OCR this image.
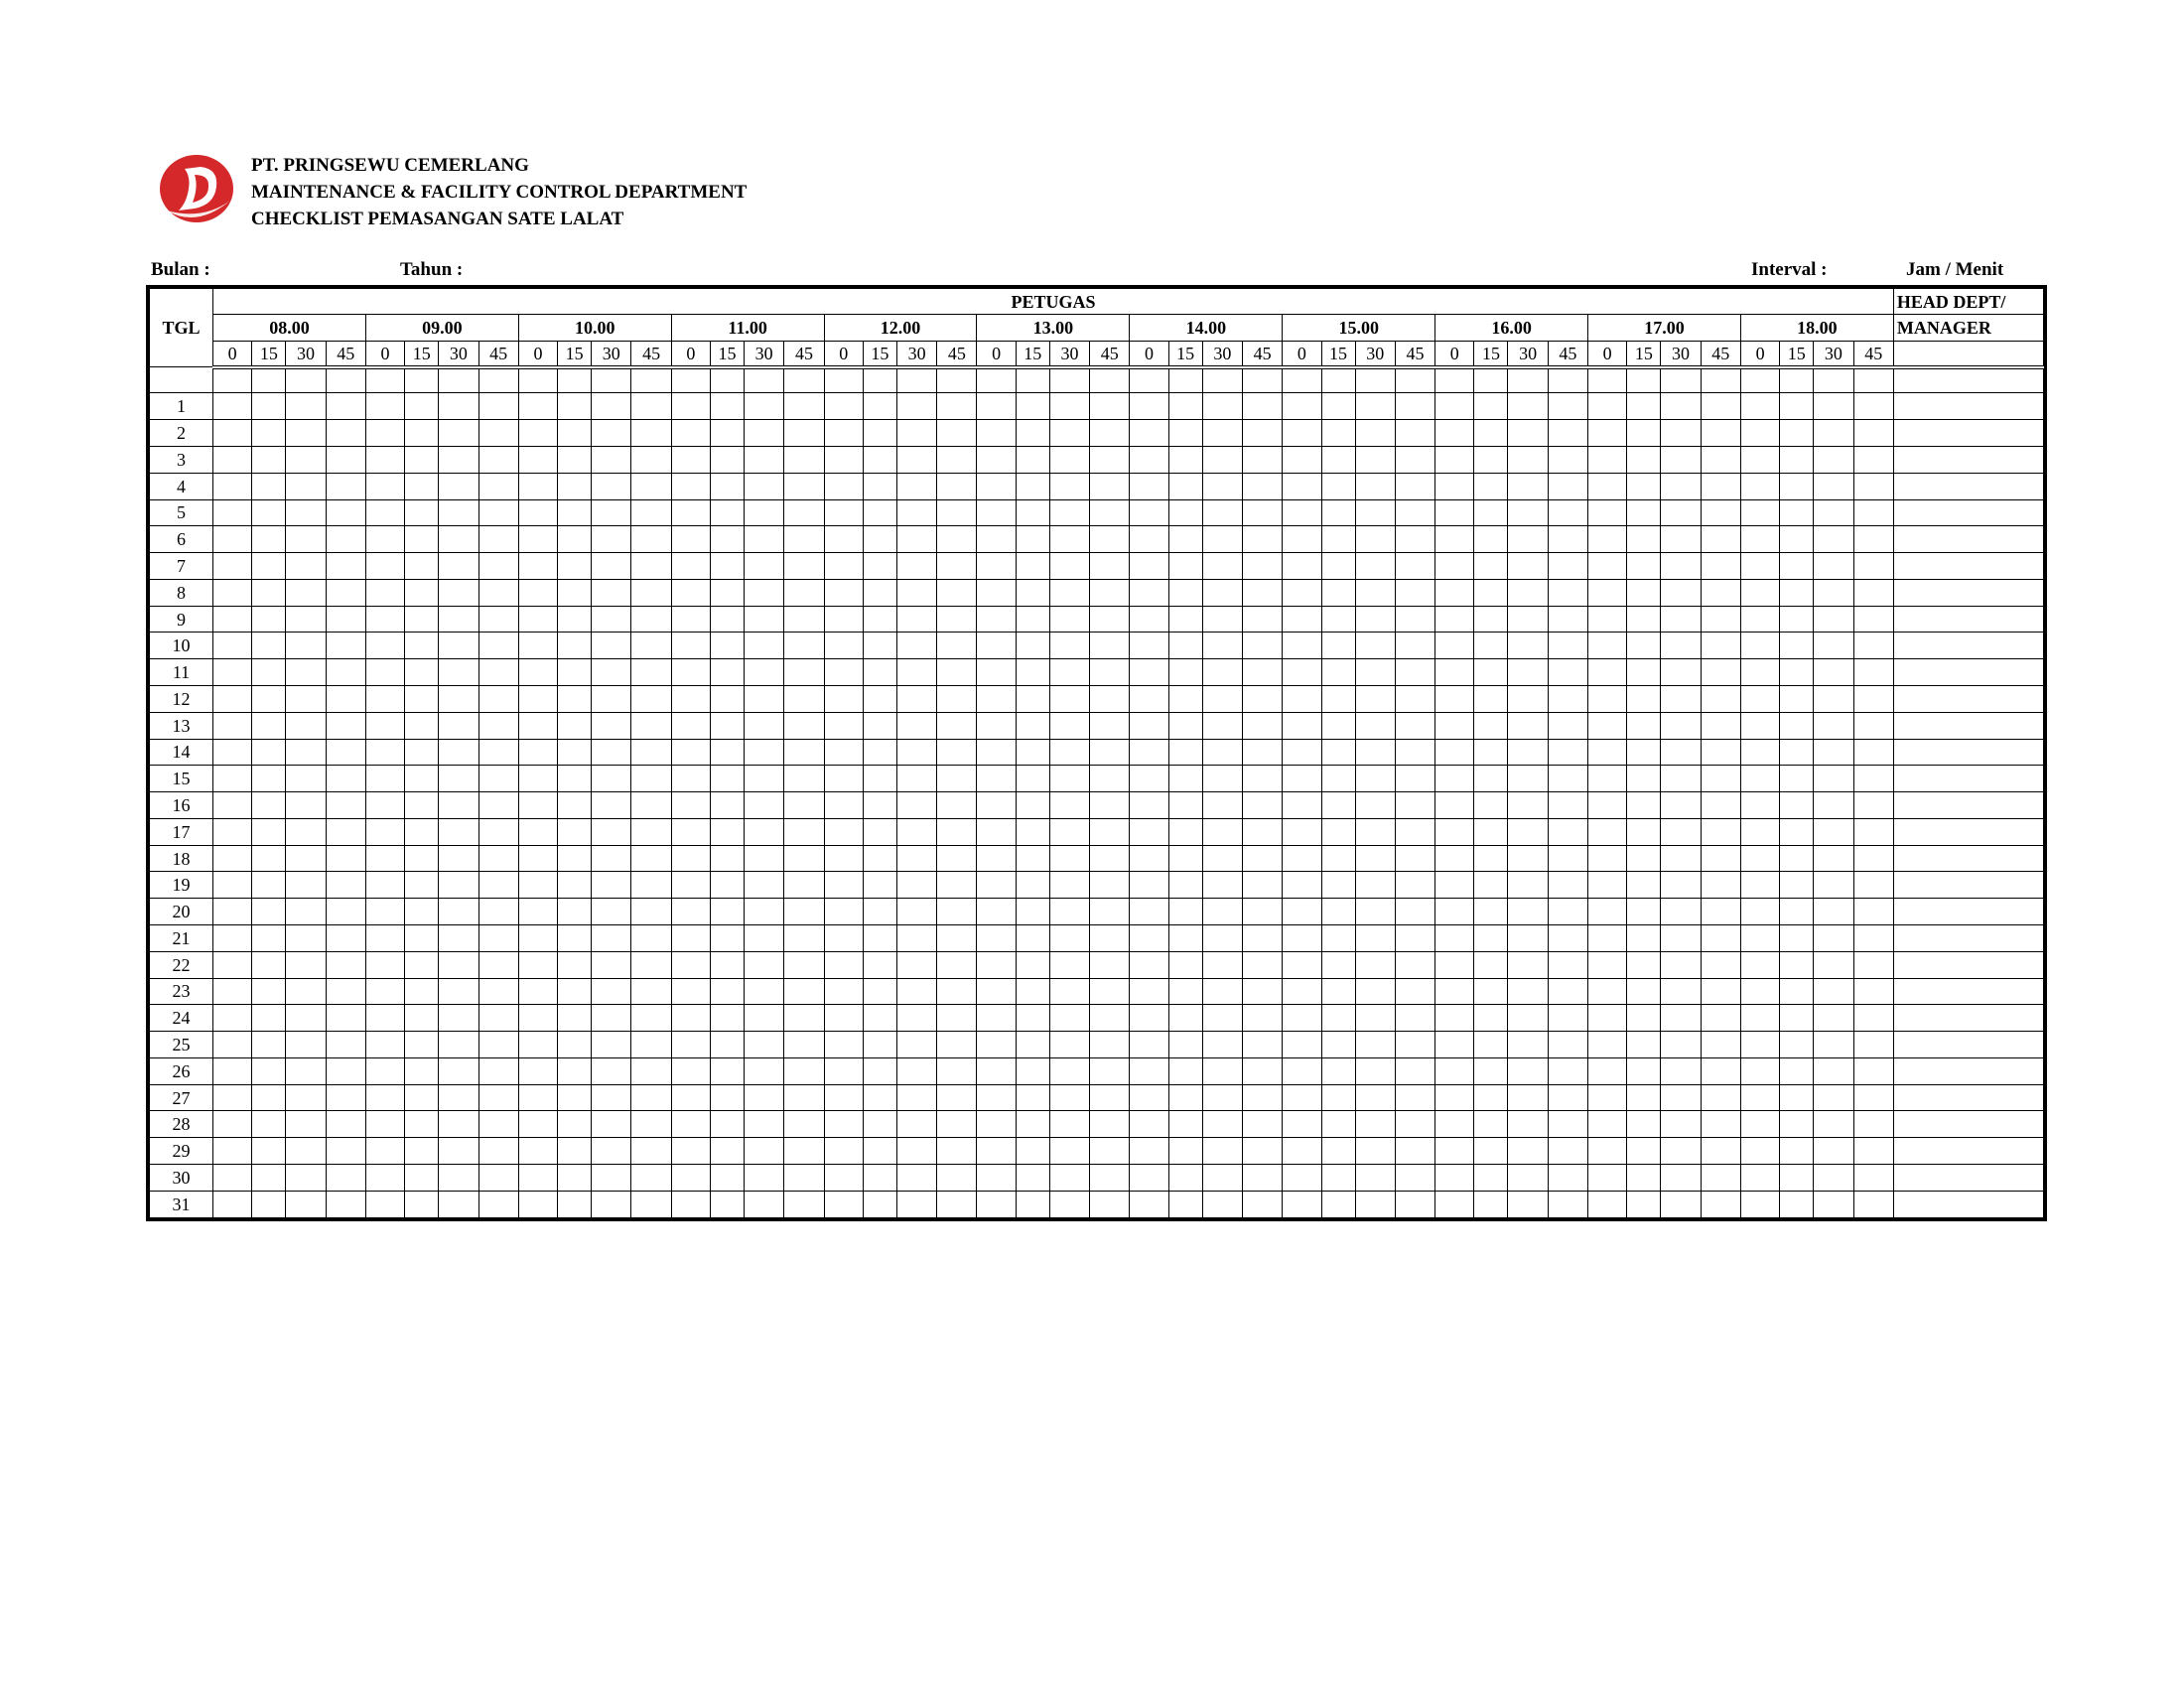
PT. PRINGSEWU CEMERLANG
MAINTENANCE & FACILITY CONTROL DEPARTMENT
CHECKLIST PEMASANGAN SATE LALAT
Bulan :	Tahun :	Interval :	Jam / Menit
TGL	PETUGAS																																												HEAD DEPT/
	08.00				09.00				10.00				11.00				12.00				13.00				14.00				15.00				16.00				17.00				18.00				MANAGER
	0	15	30	45	0	15	30	45	0	15	30	45	0	15	30	45	0	15	30	45	0	15	30	45	0	15	30	45	0	15	30	45	0	15	30	45	0	15	30	45	0	15	30	45	

1																																													
2																																													
3																																													
4																																													
5																																													
6																																													
7																																													
8																																													
9																																													
10																																													
11																																													
12																																													
13																																													
14																																													
15																																													
16																																													
17																																													
18																																													
19																																													
20																																													
21																																													
22																																													
23																																													
24																																													
25																																													
26																																													
27																																													
28																																													
29																																													
30																																													
31																																													
